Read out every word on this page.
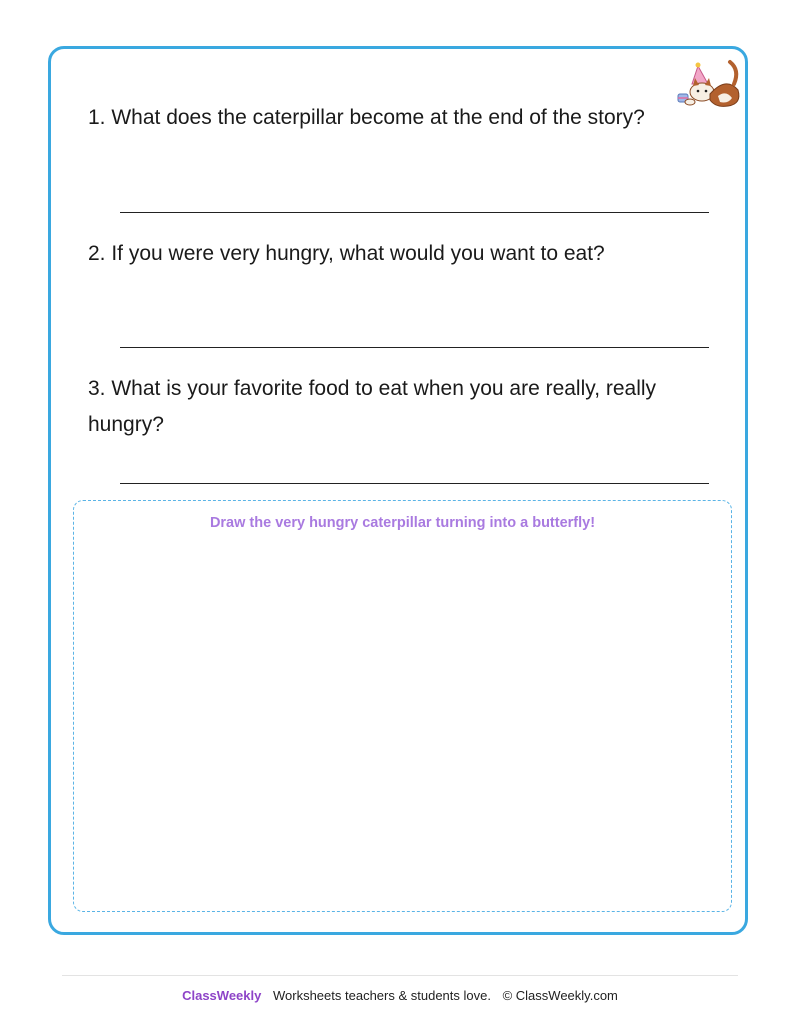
1. What does the caterpillar become at the end of the story?
2. If you were very hungry, what would you want to eat?
3. What is your favorite food to eat when you are really, really hungry?
Draw the very hungry caterpillar turning into a butterfly!
ClassWeekly Worksheets teachers & students love. © ClassWeekly.com
